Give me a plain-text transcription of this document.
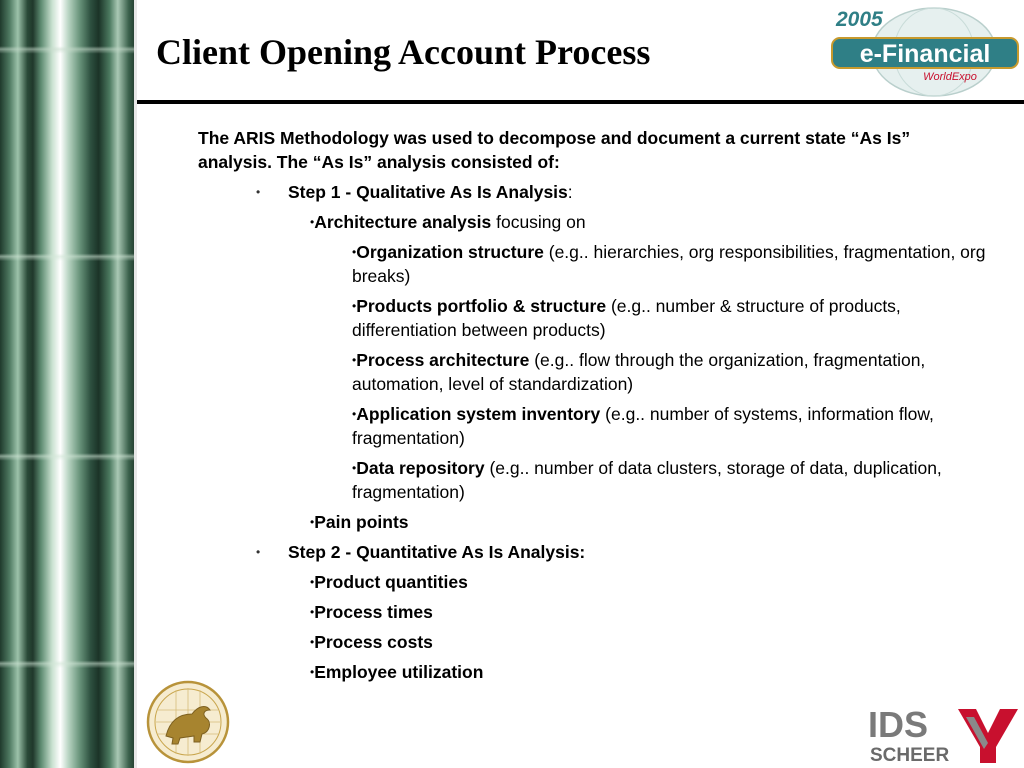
Client Opening Account Process
2005
e-Financial
WorldExpo

The ARIS Methodology was used to decompose and document a current state “As Is” analysis. The “As Is” analysis consisted of:

• Step 1 - Qualitative As Is Analysis:
•Architecture analysis focusing on
•Organization structure (e.g.. hierarchies, org responsibilities, fragmentation, org breaks)
•Products portfolio & structure (e.g.. number & structure of products, differentiation between products)
•Process architecture (e.g.. flow through the organization, fragmentation, automation, level of standardization)
•Application system inventory (e.g.. number of systems, information flow, fragmentation)
•Data repository (e.g.. number of data clusters, storage of data, duplication, fragmentation)
•Pain points
• Step 2 - Quantitative As Is Analysis:
•Product quantities
•Process times
•Process costs
•Employee utilization
IDS
SCHEER
